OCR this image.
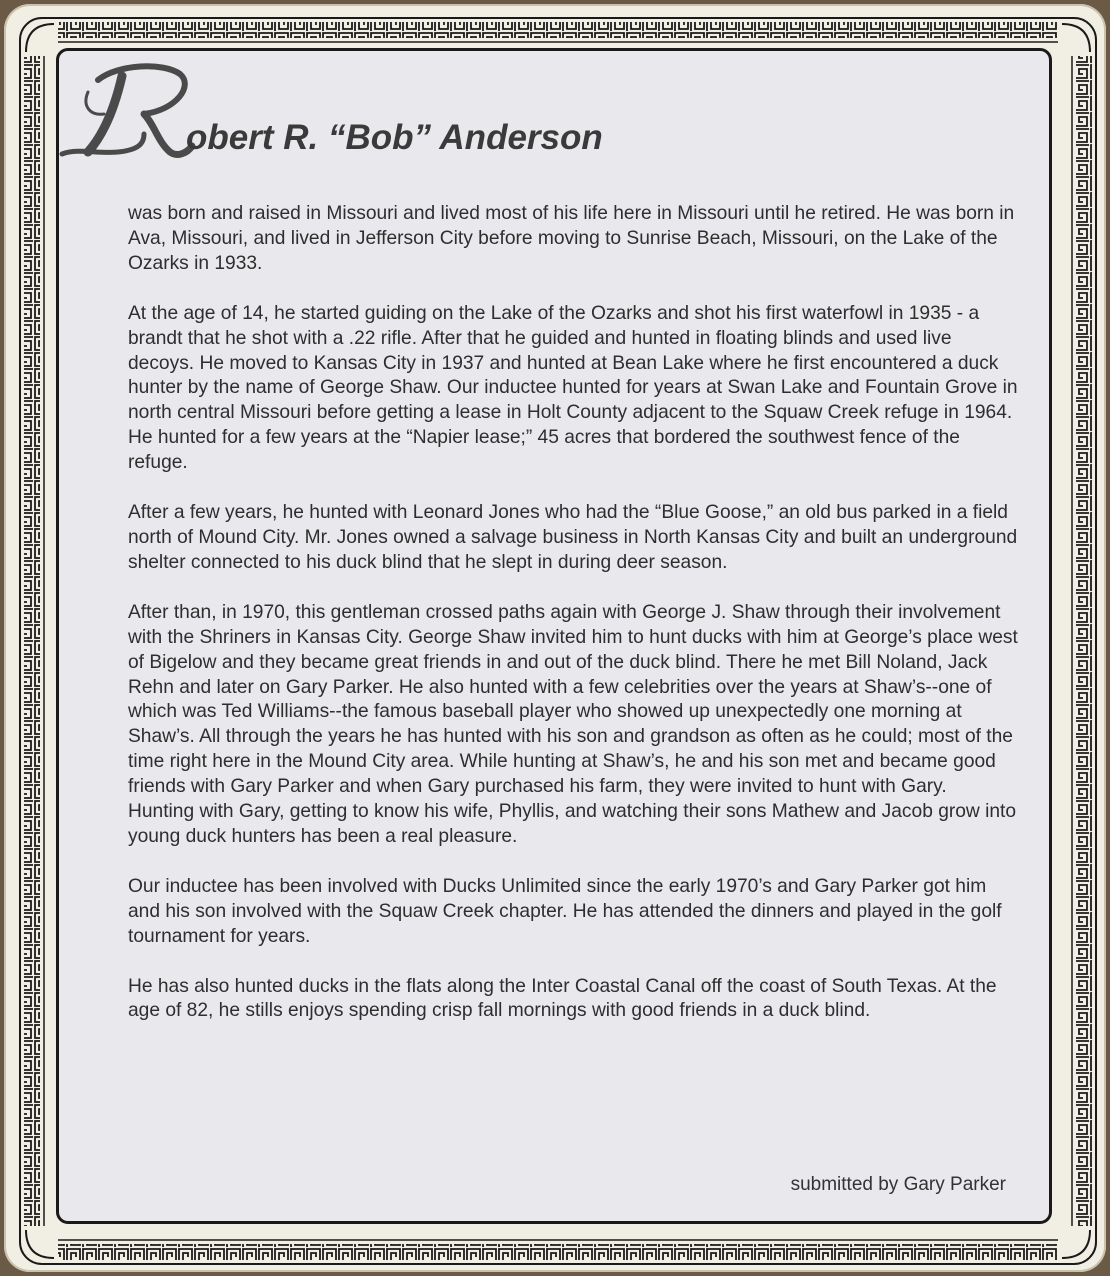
obert R. “Bob” Anderson

was born and raised in Missouri and lived most of his life here in Missouri until he retired. He was born in Ava, Missouri, and lived in Jefferson City before moving to Sunrise Beach, Missouri, on the Lake of the Ozarks in 1933.

At the age of 14, he started guiding on the Lake of the Ozarks and shot his first waterfowl in 1935 - a brandt that he shot with a .22 rifle. After that he guided and hunted in floating blinds and used live decoys. He moved to Kansas City in 1937 and hunted at Bean Lake where he first encountered a duck hunter by the name of George Shaw. Our inductee hunted for years at Swan Lake and Fountain Grove in north central Missouri before getting a lease in Holt County adjacent to the Squaw Creek refuge in 1964. He hunted for a few years at the “Napier lease;” 45 acres that bordered the southwest fence of the refuge.

After a few years, he hunted with Leonard Jones who had the “Blue Goose,” an old bus parked in a field north of Mound City. Mr. Jones owned a salvage business in North Kansas City and built an underground shelter connected to his duck blind that he slept in during deer season.

After than, in 1970, this gentleman crossed paths again with George J. Shaw through their involvement with the Shriners in Kansas City. George Shaw invited him to hunt ducks with him at George’s place west of Bigelow and they became great friends in and out of the duck blind. There he met Bill Noland, Jack Rehn and later on Gary Parker. He also hunted with a few celebrities over the years at Shaw’s--one of which was Ted Williams--the famous baseball player who showed up unexpectedly one morning at Shaw’s. All through the years he has hunted with his son and grandson as often as he could; most of the time right here in the Mound City area. While hunting at Shaw’s, he and his son met and became good friends with Gary Parker and when Gary purchased his farm, they were invited to hunt with Gary. Hunting with Gary, getting to know his wife, Phyllis, and watching their sons Mathew and Jacob grow into young duck hunters has been a real pleasure.

Our inductee has been involved with Ducks Unlimited since the early 1970’s and Gary Parker got him and his son involved with the Squaw Creek chapter. He has attended the dinners and played in the golf tournament for years.

He has also hunted ducks in the flats along the Inter Coastal Canal off the coast of South Texas. At the age of 82, he stills enjoys spending crisp fall mornings with good friends in a duck blind.

submitted by Gary Parker
